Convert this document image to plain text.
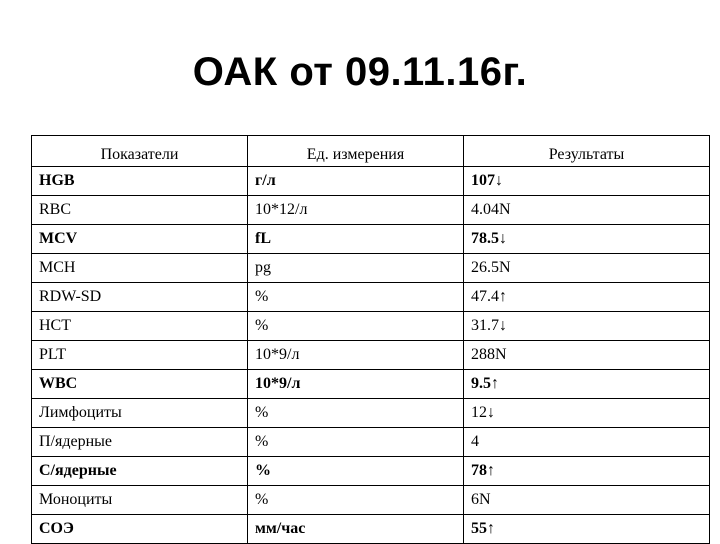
ОАК от 09.11.16г.
Показатели	Ед. измерения	Результаты
HGB	г/л	107↓
RBC	10*12/л	4.04N
MCV	fL	78.5↓
MCH	pg	26.5N
RDW-SD	%	47.4↑
HCT	%	31.7↓
PLT	10*9/л	288N
WBC	10*9/л	9.5↑
Лимфоциты	%	12↓
П/ядерные	%	4
С/ядерные	%	78↑
Моноциты	%	6N
СОЭ	мм/час	55↑
